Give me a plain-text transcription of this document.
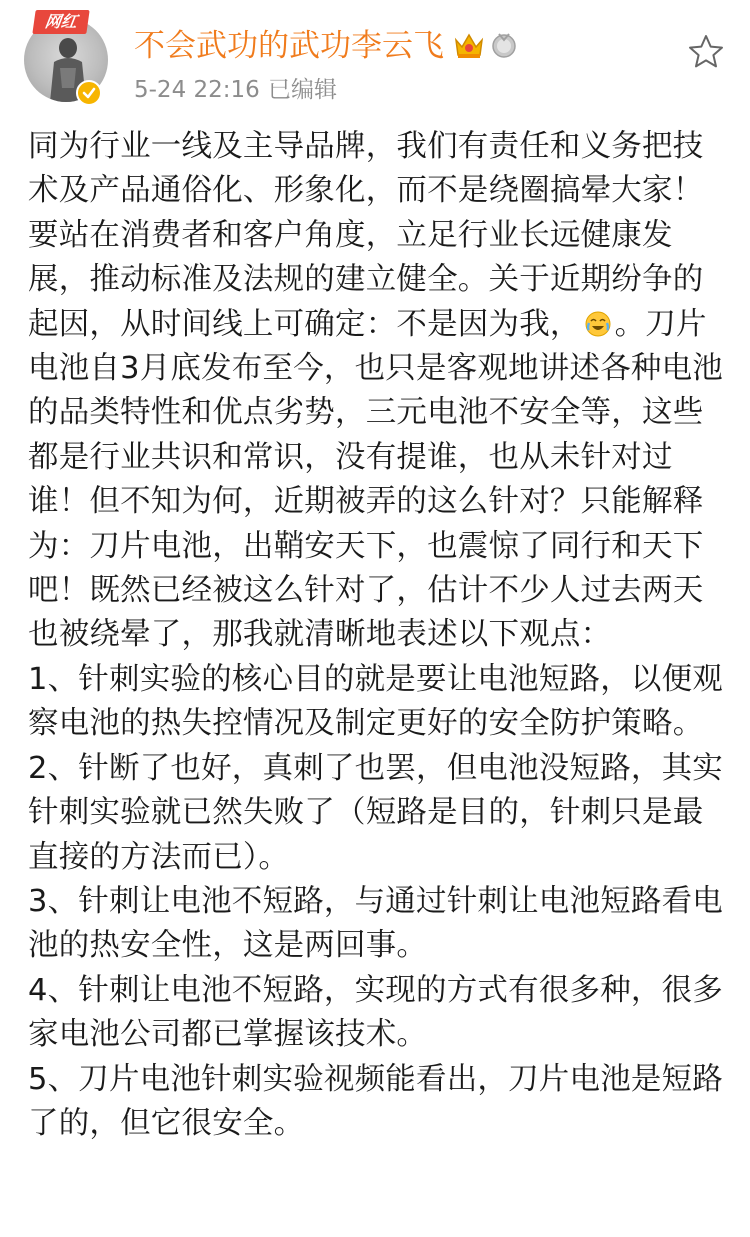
网红
不会武功的武功李云飞
5-24 22:16 已编辑

同为行业一线及主导品牌，我们有责任和义务把技术及产品通俗化、形象化，而不是绕圈搞晕大家！要站在消费者和客户角度，立足行业长远健康发展，推动标准及法规的建立健全。关于近期纷争的起因，从时间线上可确定：不是因为我， 。刀片电池自3月底发布至今，也只是客观地讲述各种电池的品类特性和优点劣势，三元电池不安全等，这些都是行业共识和常识，没有提谁，也从未针对过谁！但不知为何，近期被弄的这么针对？只能解释为：刀片电池，出鞘安天下，也震惊了同行和天下吧！既然已经被这么针对了，估计不少人过去两天也被绕晕了，那我就清晰地表述以下观点：

1、针刺实验的核心目的就是要让电池短路，以便观察电池的热失控情况及制定更好的安全防护策略。

2、针断了也好，真刺了也罢，但电池没短路，其实针刺实验就已然失败了（短路是目的，针刺只是最直接的方法而已）。

3、针刺让电池不短路，与通过针刺让电池短路看电池的热安全性，这是两回事。

4、针刺让电池不短路，实现的方式有很多种，很多家电池公司都已掌握该技术。

5、刀片电池针刺实验视频能看出，刀片电池是短路了的，但它很安全。
